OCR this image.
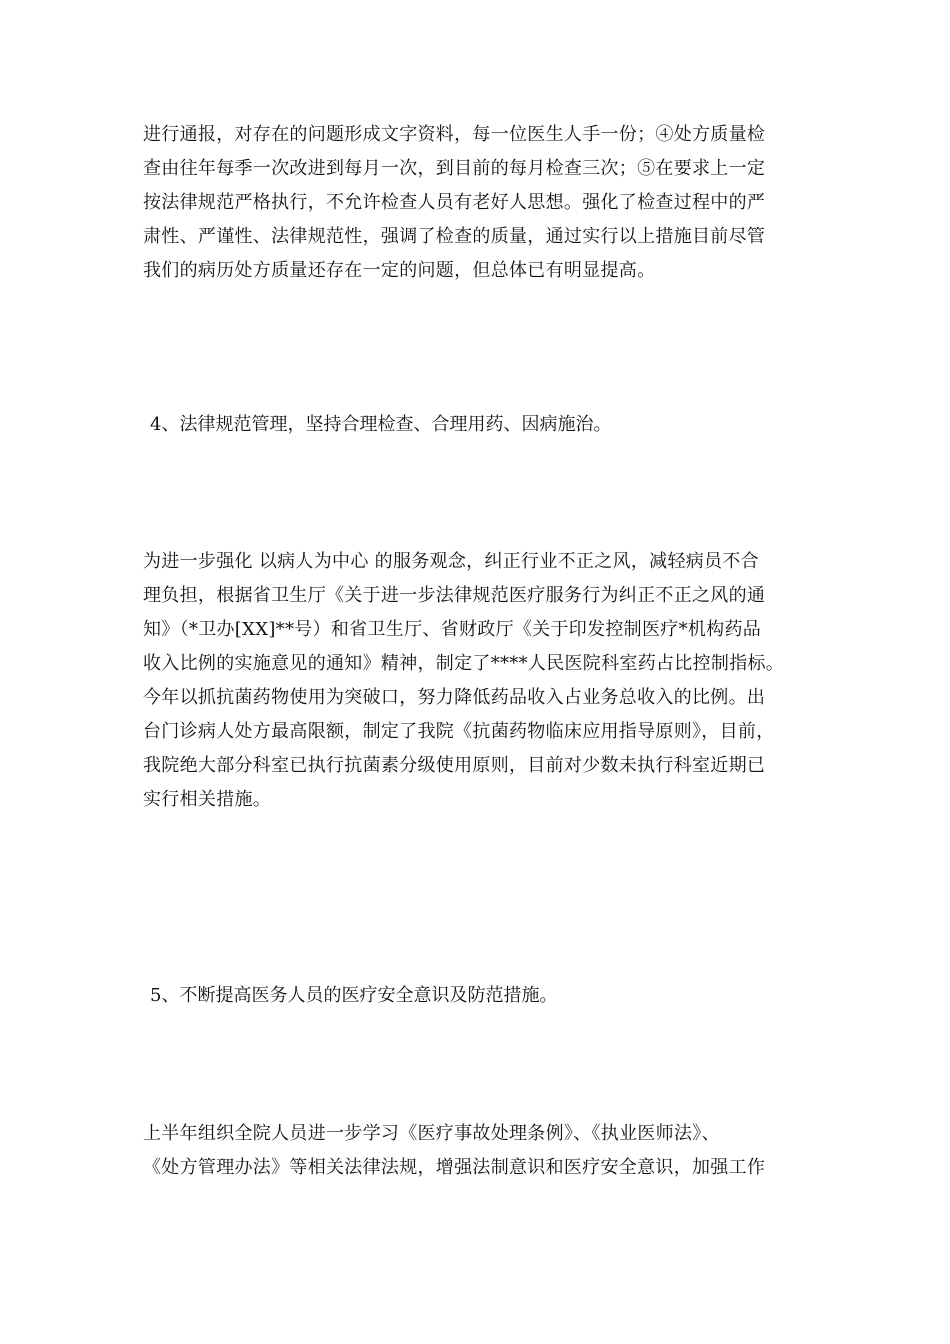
进行通报，对存在的问题形成文字资料，每一位医生人手一份；④处方质量检
查由往年每季一次改进到每月一次，到目前的每月检查三次；⑤在要求上一定
按法律规范严格执行，不允许检查人员有老好人思想。强化了检查过程中的严
肃性、严谨性、法律规范性，强调了检查的质量，通过实行以上措施目前尽管
我们的病历处方质量还存在一定的问题，但总体已有明显提高。

4、法律规范管理，坚持合理检查、合理用药、因病施治。

为进一步强化 以病人为中心 的服务观念，纠正行业不正之风，减轻病员不合
理负担，根据省卫生厅《关于进一步法律规范医疗服务行为纠正不正之风的通
知》（*卫办[XX]**号）和省卫生厅、省财政厅《关于印发控制医疗*机构药品
收入比例的实施意见的通知》精神，制定了****人民医院科室药占比控制指标。
今年以抓抗菌药物使用为突破口，努力降低药品收入占业务总收入的比例。出
台门诊病人处方最高限额，制定了我院《抗菌药物临床应用指导原则》，目前，
我院绝大部分科室已执行抗菌素分级使用原则，目前对少数未执行科室近期已
实行相关措施。

5、不断提高医务人员的医疗安全意识及防范措施。

上半年组织全院人员进一步学习《医疗事故处理条例》、《执业医师法》、
《处方管理办法》等相关法律法规，增强法制意识和医疗安全意识，加强工作
